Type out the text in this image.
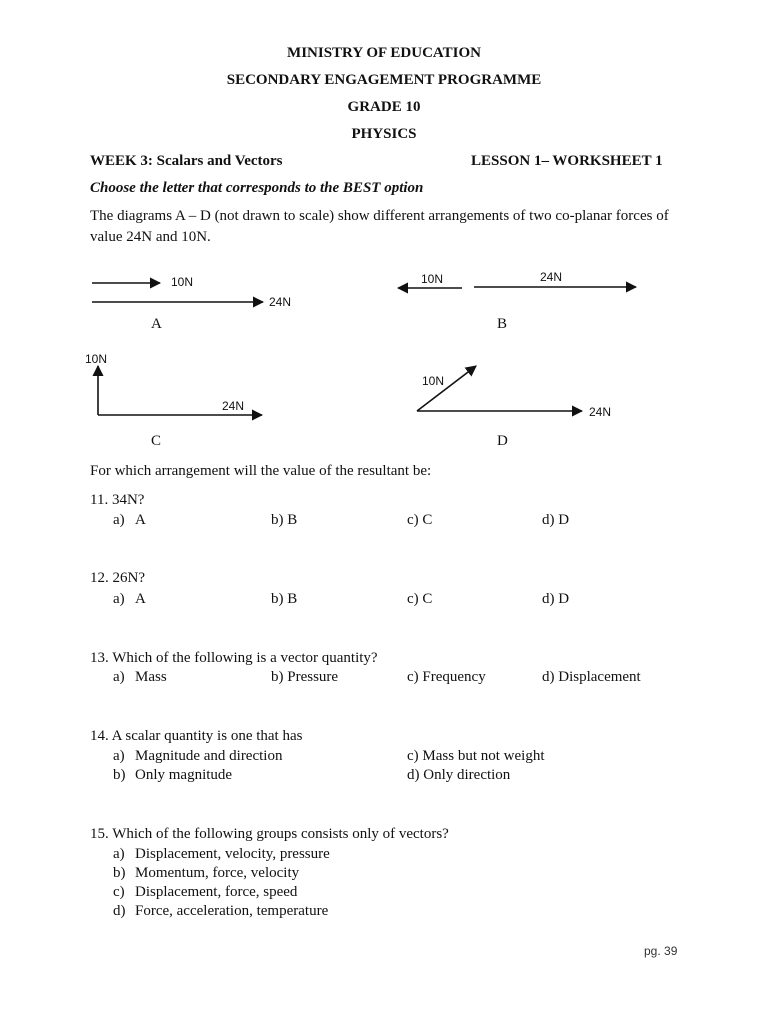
MINISTRY OF EDUCATION
SECONDARY ENGAGEMENT PROGRAMME
GRADE 10
PHYSICS
WEEK 3: Scalars and Vectors	LESSON 1– WORKSHEET 1
Choose the letter that corresponds to the BEST option
The diagrams A – D (not drawn to scale) show different arrangements of two co-planar forces of value 24N and 10N.
10N
24N
A
10N	24N
B
10N
24N
C
10N
24N
D
For which arrangement will the value of the resultant be:
11. 34N?
a) A	b) B	c) C	d) D
12. 26N?
a) A	b) B	c) C	d) D
13. Which of the following is a vector quantity?
a) Mass	b) Pressure	c) Frequency	d) Displacement
14. A scalar quantity is one that has
a) Magnitude and direction	c) Mass but not weight
b) Only magnitude	d) Only direction
15. Which of the following groups consists only of vectors?
a) Displacement, velocity, pressure
b) Momentum, force, velocity
c) Displacement, force, speed
d) Force, acceleration, temperature
pg. 39
